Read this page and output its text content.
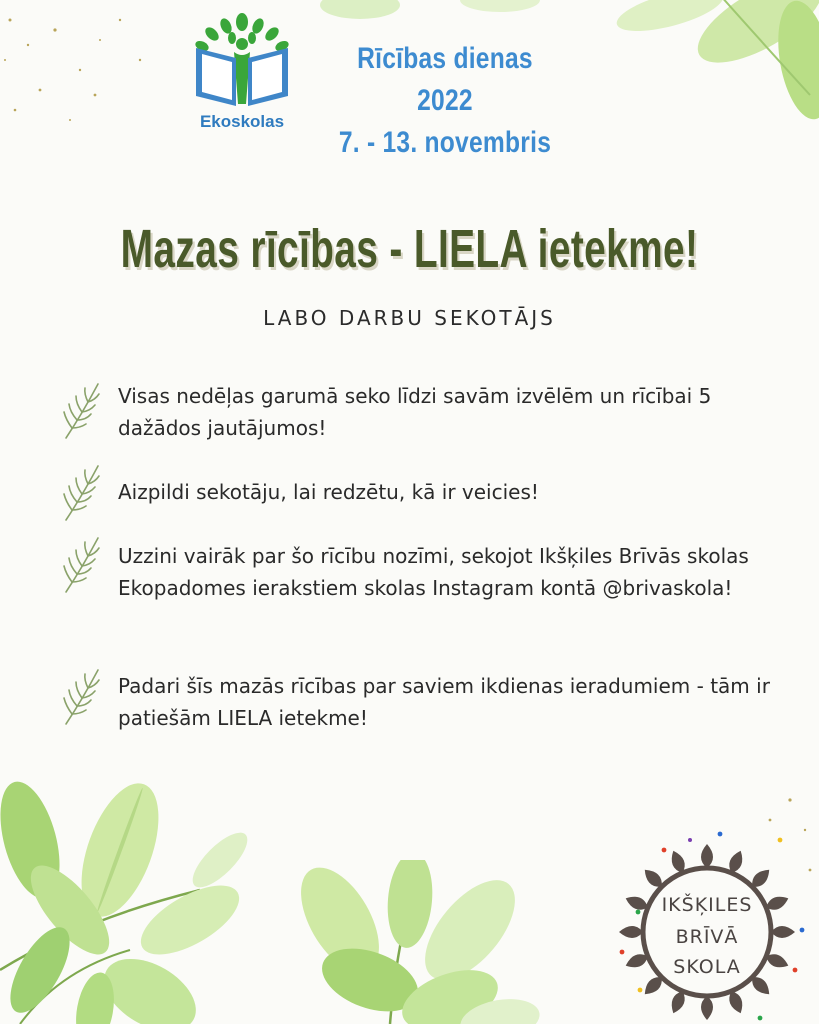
Ekoskolas
Rīcības dienas 2022
7. - 13. novembris
Mazas rīcības - LIELA ietekme!
LABO DARBU SEKOTĀJS
Visas nedēļas garumā seko līdzi savām izvēlēm un rīcībai 5 dažādos jautājumos!
Aizpildi sekotāju, lai redzētu, kā ir veicies!
Uzzini vairāk par šo rīcību nozīmi, sekojot Ikšķiles Brīvās skolas Ekopadomes ierakstiem skolas Instagram kontā @brivaskola!
Padari šīs mazās rīcības par saviem ikdienas ieradumiem - tām ir patiešām LIELA ietekme!
IKŠĶILES
BRĪVĀ
SKOLA
